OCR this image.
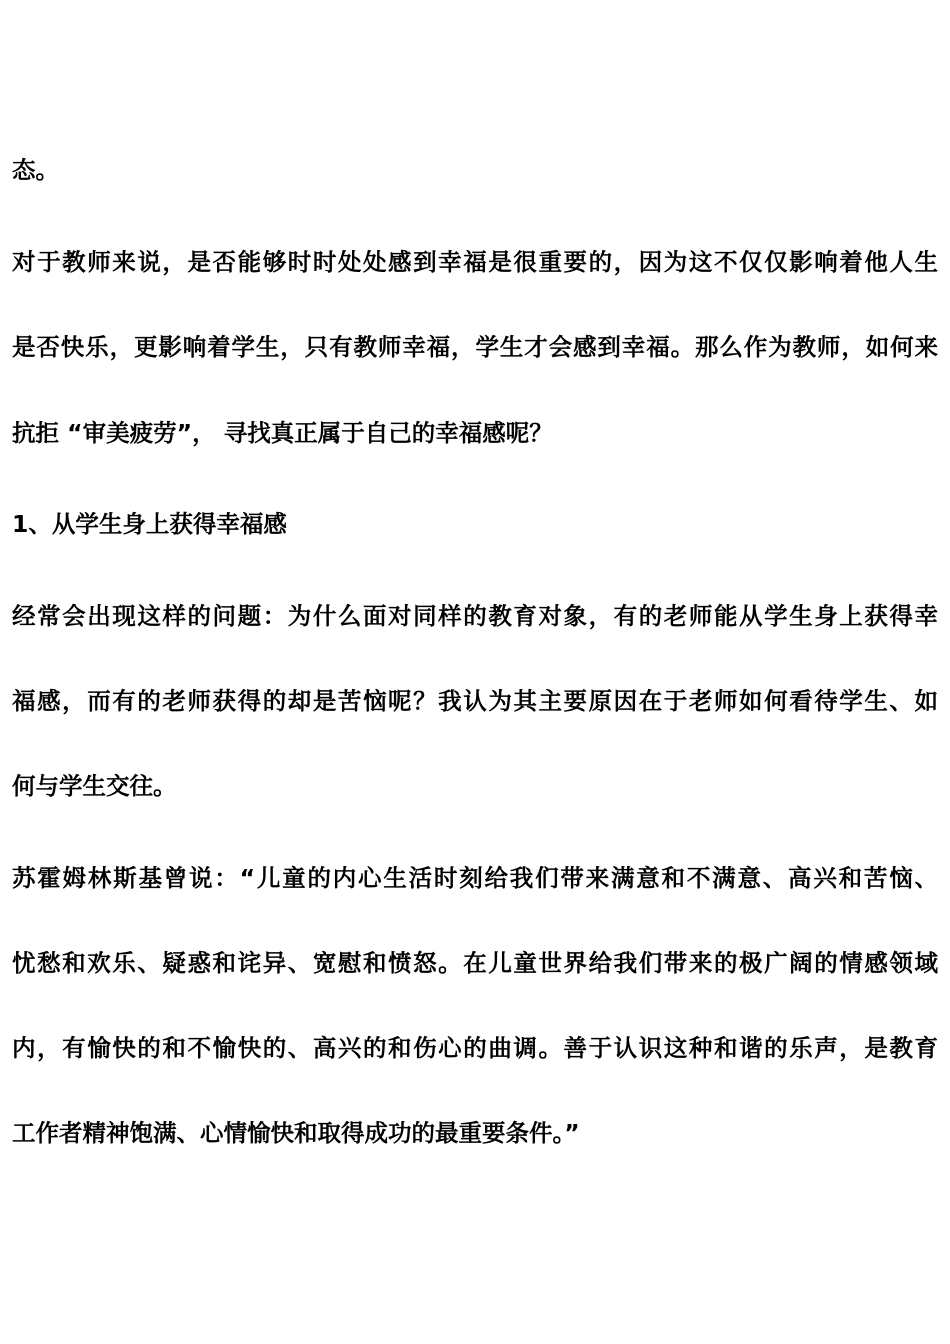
态。
对于教师来说，是否能够时时处处感到幸福是很重要的，因为这不仅仅影响着他人生
是否快乐，更影响着学生，只有教师幸福，学生才会感到幸福。那么作为教师，如何来
抗拒 “审美疲劳”， 寻找真正属于自己的幸福感呢？
1、从学生身上获得幸福感
经常会出现这样的问题：为什么面对同样的教育对象，有的老师能从学生身上获得幸
福感，而有的老师获得的却是苦恼呢？我认为其主要原因在于老师如何看待学生、如
何与学生交往。
苏霍姆林斯基曾说：“儿童的内心生活时刻给我们带来满意和不满意、高兴和苦恼、
忧愁和欢乐、疑惑和诧异、宽慰和愤怒。在儿童世界给我们带来的极广阔的情感领域
内，有愉快的和不愉快的、高兴的和伤心的曲调。善于认识这种和谐的乐声，是教育
工作者精神饱满、心情愉快和取得成功的最重要条件。”
